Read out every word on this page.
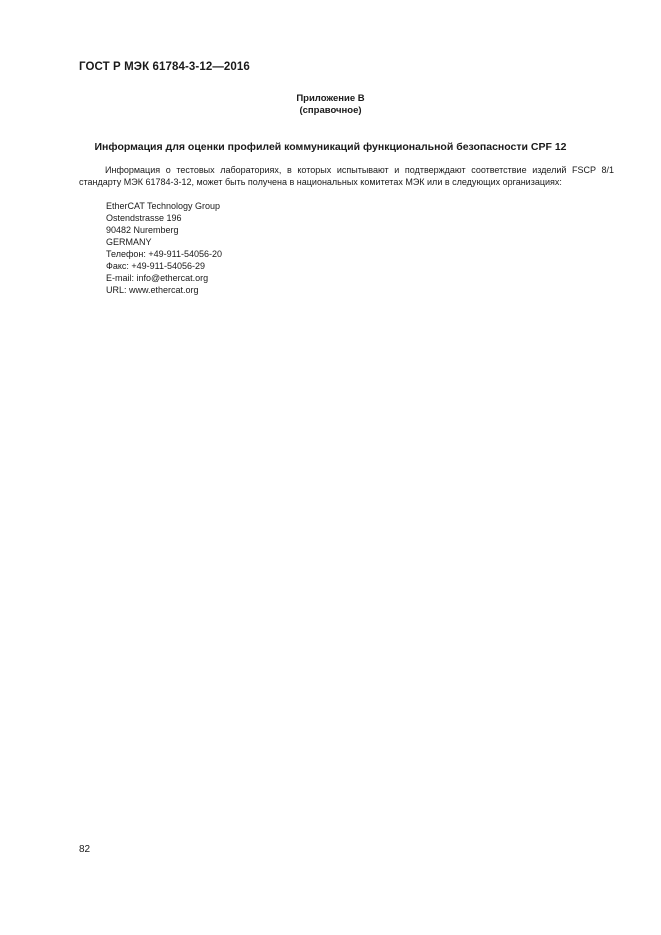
ГОСТ Р МЭК 61784-3-12—2016
Приложение В
(справочное)
Информация для оценки профилей коммуникаций функциональной безопасности CPF 12

Информация о тестовых лабораториях, в которых испытывают и подтверждают соответствие изделий FSCP 8/1 стандарту МЭК 61784-3-12, может быть получена в национальных комитетах МЭК или в следующих организациях:

EtherCAT Technology Group
Ostendstrasse 196
90482 Nuremberg
GERMANY
Телефон: +49-911-54056-20
Факс: +49-911-54056-29
E-mail: info@ethercat.org
URL: www.ethercat.org
82
